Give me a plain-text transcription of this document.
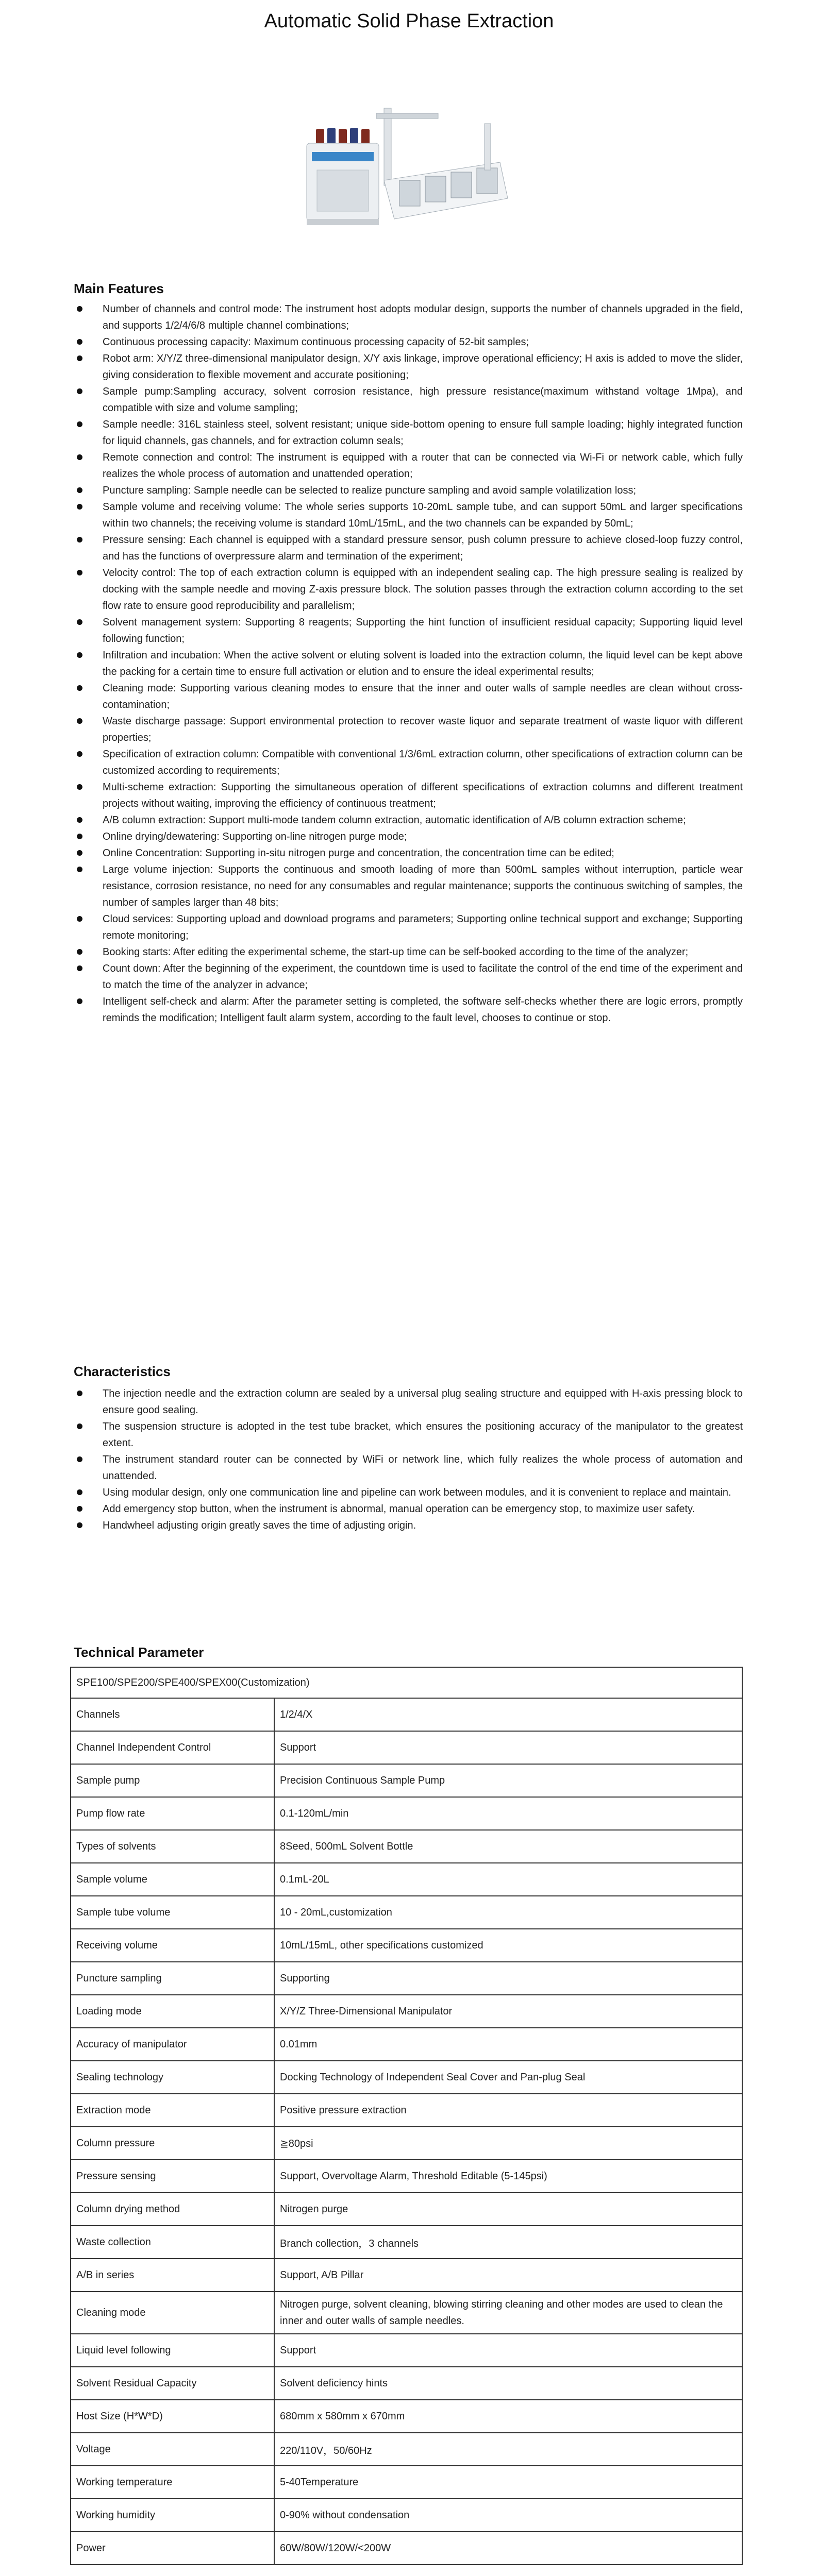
Automatic Solid Phase Extraction
Main Features
Number of channels and control mode: The instrument host adopts modular design, supports the number of channels upgraded in the field, and supports 1/2/4/6/8 multiple channel combinations;
Continuous processing capacity: Maximum continuous processing capacity of 52-bit samples;
Robot arm: X/Y/Z three-dimensional manipulator design, X/Y axis linkage, improve operational efficiency; H axis is added to move the slider, giving consideration to flexible movement and accurate positioning;
Sample pump:Sampling accuracy, solvent corrosion resistance, high pressure resistance(maximum withstand voltage 1Mpa), and compatible with size and volume sampling;
Sample needle: 316L stainless steel, solvent resistant; unique side-bottom opening to ensure full sample loading; highly integrated function for liquid channels, gas channels, and for extraction column seals;
Remote connection and control: The instrument is equipped with a router that can be connected via Wi-Fi or network cable, which fully realizes the whole process of automation and unattended operation;
Puncture sampling: Sample needle can be selected to realize puncture sampling and avoid sample volatilization loss;
Sample volume and receiving volume: The whole series supports 10-20mL sample tube, and can support 50mL and larger specifications within two channels; the receiving volume is standard 10mL/15mL, and the two channels can be expanded by 50mL;
Pressure sensing: Each channel is equipped with a standard pressure sensor, push column pressure to achieve closed-loop fuzzy control, and has the functions of overpressure alarm and termination of the experiment;
Velocity control: The top of each extraction column is equipped with an independent sealing cap. The high pressure sealing is realized by docking with the sample needle and moving Z-axis pressure block. The solution passes through the extraction column according to the set flow rate to ensure good reproducibility and parallelism;
Solvent management system: Supporting 8 reagents; Supporting the hint function of insufficient residual capacity; Supporting liquid level following function;
Infiltration and incubation: When the active solvent or eluting solvent is loaded into the extraction column, the liquid level can be kept above the packing for a certain time to ensure full activation or elution and to ensure the ideal experimental results;
Cleaning mode: Supporting various cleaning modes to ensure that the inner and outer walls of sample needles are clean without cross-contamination;
Waste discharge passage: Support environmental protection to recover waste liquor and separate treatment of waste liquor with different properties;
Specification of extraction column: Compatible with conventional 1/3/6mL extraction column, other specifications of extraction column can be customized according to requirements;
Multi-scheme extraction: Supporting the simultaneous operation of different specifications of extraction columns and different treatment projects without waiting, improving the efficiency of continuous treatment;
A/B column extraction: Support multi-mode tandem column extraction, automatic identification of A/B column extraction scheme;
Online drying/dewatering: Supporting on-line nitrogen purge mode;
Online Concentration: Supporting in-situ nitrogen purge and concentration, the concentration time can be edited;
Large volume injection: Supports the continuous and smooth loading of more than 500mL samples without interruption, particle wear resistance, corrosion resistance, no need for any consumables and regular maintenance; supports the continuous switching of samples, the number of samples larger than 48 bits;
Cloud services: Supporting upload and download programs and parameters; Supporting online technical support and exchange; Supporting remote monitoring;
Booking starts: After editing the experimental scheme, the start-up time can be self-booked according to the time of the analyzer;
Count down: After the beginning of the experiment, the countdown time is used to facilitate the control of the end time of the experiment and to match the time of the analyzer in advance;
Intelligent self-check and alarm: After the parameter setting is completed, the software self-checks whether there are logic errors, promptly reminds the modification; Intelligent fault alarm system, according to the fault level, chooses to continue or stop.
Characteristics
The injection needle and the extraction column are sealed by a universal plug sealing structure and equipped with H-axis pressing block to ensure good sealing.
The suspension structure is adopted in the test tube bracket, which ensures the positioning accuracy of the manipulator to the greatest extent.
The instrument standard router can be connected by WiFi or network line, which fully realizes the whole process of automation and unattended.
Using modular design, only one communication line and pipeline can work between modules, and it is convenient to replace and maintain.
Add emergency stop button, when the instrument is abnormal, manual operation can be emergency stop, to maximize user safety.
Handwheel adjusting origin greatly saves the time of adjusting origin.
Technical Parameter
SPE100/SPE200/SPE400/SPEX00(Customization)	
Channels	1/2/4/X
Channel Independent Control	Support
Sample pump	Precision Continuous Sample Pump
Pump flow rate	0.1-120mL/min
Types of solvents	8Seed, 500mL Solvent Bottle
Sample volume	0.1mL-20L
Sample tube volume	10 - 20mL,customization
Receiving volume	10mL/15mL, other specifications customized
Puncture sampling	Supporting
Loading mode	X/Y/Z Three-Dimensional Manipulator
Accuracy of manipulator	0.01mm
Sealing technology	Docking Technology of Independent Seal Cover and Pan-plug Seal
Extraction mode	Positive pressure extraction
Column pressure	≧80psi
Pressure sensing	Support, Overvoltage Alarm, Threshold Editable (5-145psi)
Column drying method	Nitrogen purge
Waste collection	Branch collection，3 channels
A/B in series	Support, A/B Pillar
Cleaning mode	Nitrogen purge, solvent cleaning, blowing stirring cleaning and other modes are used to clean the inner and outer walls of sample needles.
Liquid level following	Support
Solvent Residual Capacity	Solvent deficiency hints
Host Size (H*W*D)	680mm x 580mm x 670mm
Voltage	220/110V，50/60Hz
Working temperature	5-40Temperature
Working humidity	0-90% without condensation
Power	60W/80W/120W/<200W
